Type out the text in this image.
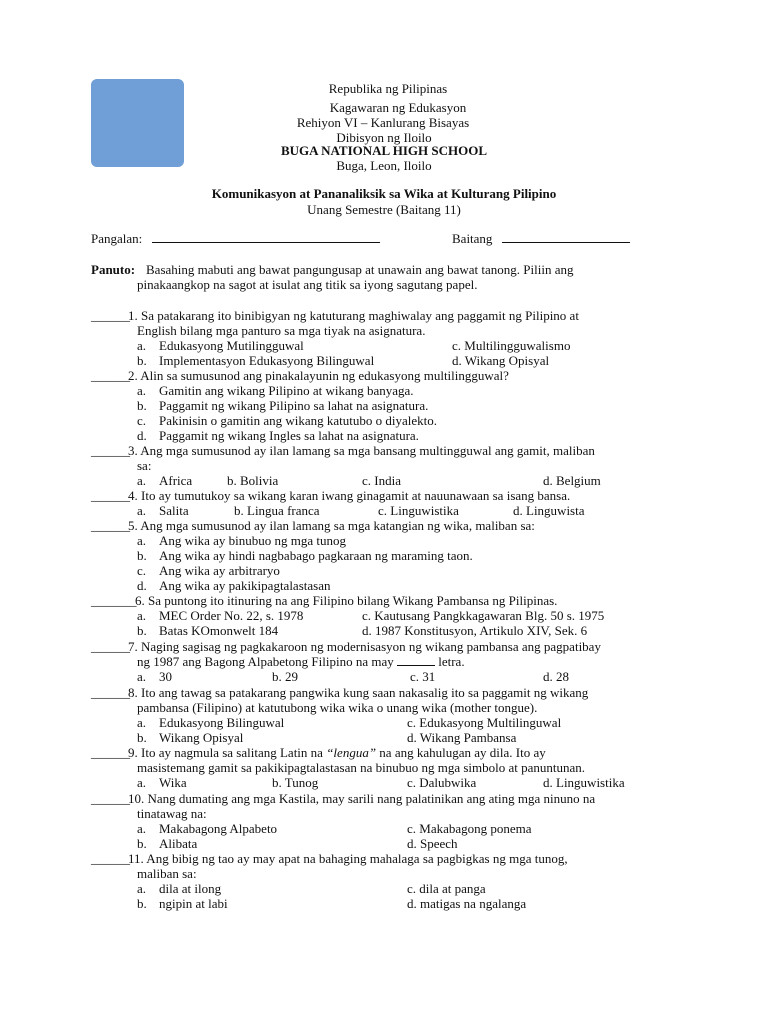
Republika ng Pilipinas
Kagawaran ng Edukasyon
Rehiyon VI – Kanlurang Bisayas
Dibisyon ng Iloilo
BUGA NATIONAL HIGH SCHOOL
Buga, Leon, Iloilo
Komunikasyon at Pananaliksik sa Wika at Kulturang Pilipino
Unang Semestre (Baitang 11)
Pangalan:	Baitang
Panuto: Basahing mabuti ang bawat pangungusap at unawain ang bawat tanong. Piliin ang
pinakaangkop na sagot at isulat ang titik sa iyong sagutang papel.
______
1. Sa patakarang ito binibigyan ng katuturang maghiwalay ang paggamit ng Pilipino at
English bilang mga panturo sa mga tiyak na asignatura.
a. Edukasyong Mutilingguwal	c. Multilingguwalismo
b. Implementasyon Edukasyong Bilinguwal	d. Wikang Opisyal
______
2. Alin sa sumusunod ang pinakalayunin ng edukasyong multilingguwal?
a. Gamitin ang wikang Pilipino at wikang banyaga.
b. Paggamit ng wikang Pilipino sa lahat na asignatura.
c. Pakinisin o gamitin ang wikang katutubo o diyalekto.
d. Paggamit ng wikang Ingles sa lahat na asignatura.
______
3. Ang mga sumusunod ay ilan lamang sa mga bansang multingguwal ang gamit, maliban
sa:
a. Africa	b. Bolivia	c. India	d. Belgium
______
4. Ito ay tumutukoy sa wikang karan iwang ginagamit at nauunawaan sa isang bansa.
a. Salita	b. Lingua franca	c. Linguwistika	d. Linguwista
______
5. Ang mga sumusunod ay ilan lamang sa mga katangian ng wika, maliban sa:
a. Ang wika ay binubuo ng mga tunog
b. Ang wika ay hindi nagbabago pagkaraan ng maraming taon.
c. Ang wika ay arbitraryo
d. Ang wika ay pakikipagtalastasan
_______
6. Sa puntong ito itinuring na ang Filipino bilang Wikang Pambansa ng Pilipinas.
a. MEC Order No. 22, s. 1978	c. Kautusang Pangkkagawaran Blg. 50 s. 1975
b. Batas KOmonwelt 184	d. 1987 Konstitusyon, Artikulo XIV, Sek. 6
______
7. Naging sagisag ng pagkakaroon ng modernisasyon ng wikang pambansa ang pagpatibay
ng 1987 ang Bagong Alpabetong Filipino na may	letra.
a. 30	b. 29	c. 31	d. 28
______
8. Ito ang tawag sa patakarang pangwika kung saan nakasalig ito sa paggamit ng wikang
pambansa (Filipino) at katutubong wika wika o unang wika (mother tongue).
a. Edukasyong Bilinguwal	c. Edukasyong Multilinguwal
b. Wikang Opisyal	d. Wikang Pambansa
______
9. Ito ay nagmula sa salitang Latin na “lengua” na ang kahulugan ay dila. Ito ay
masistemang gamit sa pakikipagtalastasan na binubuo ng mga simbolo at panuntunan.
a. Wika	b. Tunog	c. Dalubwika	d. Linguwistika
______
10. Nang dumating ang mga Kastila, may sarili nang palatinikan ang ating mga ninuno na
tinatawag na:
a. Makabagong Alpabeto	c. Makabagong ponema
b. Alibata	d. Speech
______
11. Ang bibig ng tao ay may apat na bahaging mahalaga sa pagbigkas ng mga tunog,
maliban sa:
a. dila at ilong	c. dila at panga
b. ngipin at labi	d. matigas na ngalanga
